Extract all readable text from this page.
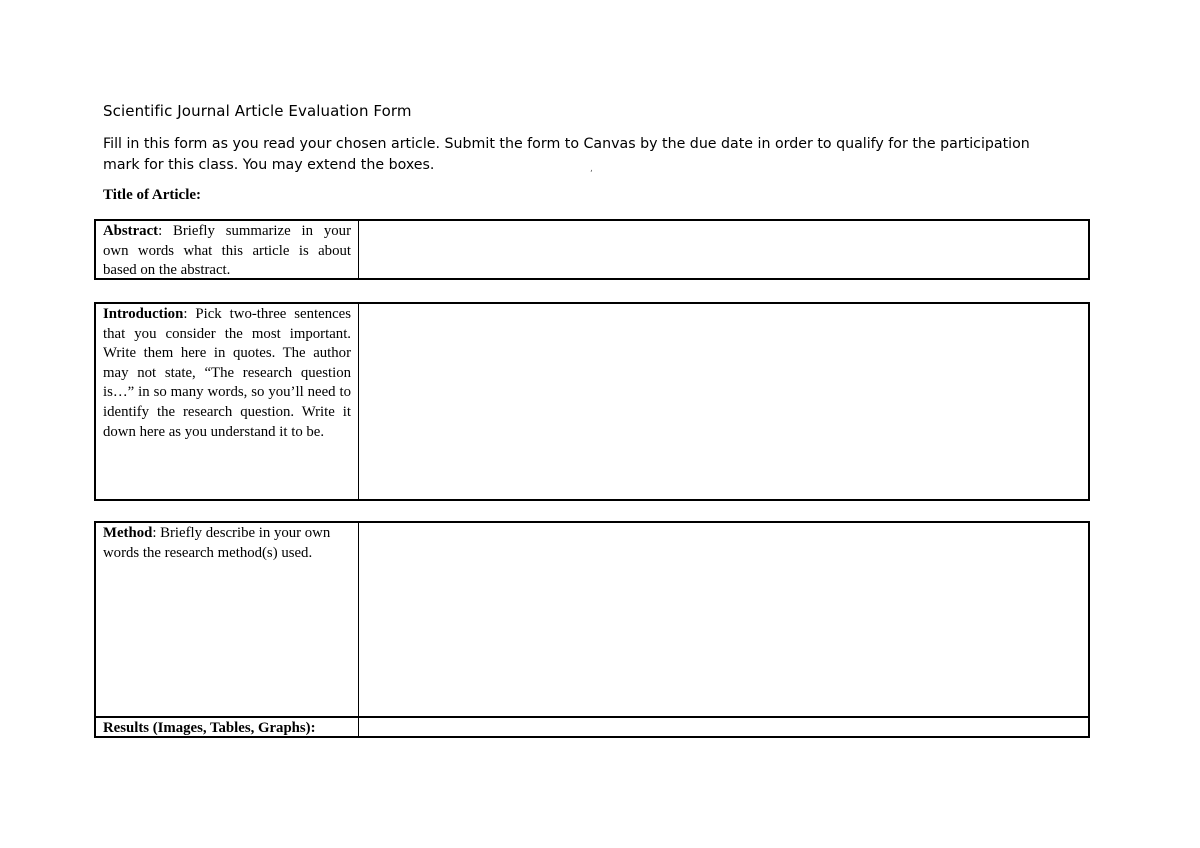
Scientific Journal Article Evaluation Form

Fill in this form as you read your chosen article. Submit the form to Canvas by the due date in order to qualify for the participation mark for this class. You may extend the boxes.	,

Title of Article:

Abstract: Briefly summarize in your own words what this article is about based on the abstract.
Introduction: Pick two-three sentences that you consider the most important. Write them here in quotes. The author may not state, “The research question is…” in so many words, so you’ll need to identify the research question. Write it down here as you understand it to be.
Method: Briefly describe in your own words the research method(s) used.
Results (Images, Tables, Graphs):
